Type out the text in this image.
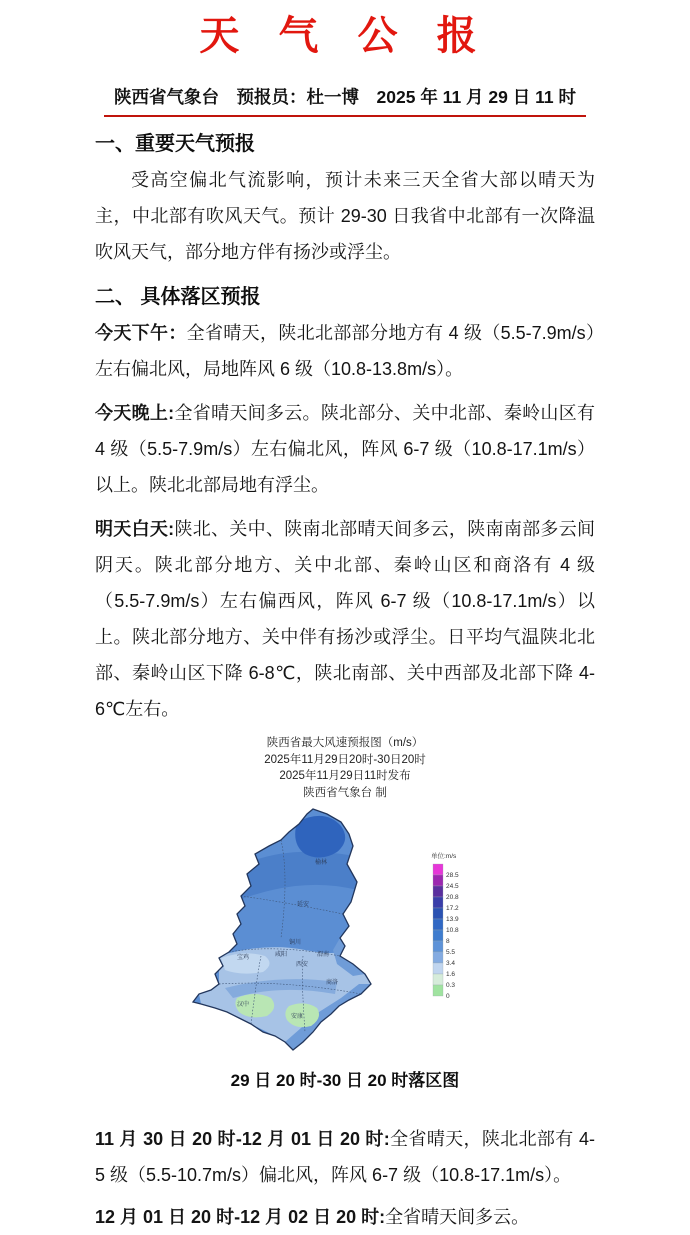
天 气 公 报
陕西省气象台　预报员：杜一博　2025 年 11 月 29 日 11 时
一、重要天气预报
受高空偏北气流影响，预计未来三天全省大部以晴天为主，中北部有吹风天气。预计 29-30 日我省中北部有一次降温吹风天气，部分地方伴有扬沙或浮尘。
二、 具体落区预报
今天下午：全省晴天，陕北北部部分地方有 4 级（5.5-7.9m/s）左右偏北风，局地阵风 6 级（10.8-13.8m/s）。
今天晚上:全省晴天间多云。陕北部分、关中北部、秦岭山区有 4 级（5.5-7.9m/s）左右偏北风，阵风 6-7 级（10.8-17.1m/s）以上。陕北北部局地有浮尘。
明天白天:陕北、关中、陕南北部晴天间多云，陕南南部多云间阴天。陕北部分地方、关中北部、秦岭山区和商洛有 4 级（5.5-7.9m/s）左右偏西风，阵风 6-7 级（10.8-17.1m/s）以上。陕北部分地方、关中伴有扬沙或浮尘。日平均气温陕北北部、秦岭山区下降 6-8℃，陕北南部、关中西部及北部下降 4-6℃左右。
陕西省最大风速预报图（m/s）
2025年11月29日20时-30日20时
2025年11月29日11时发布
陕西省气象台 制
榆林
延安
铜川
咸阳	渭南
西安
宝鸡
商洛
汉中
安康
单位:m/s
28.5
24.5
20.8
17.2
13.9
10.8
8
5.5
3.4
1.6
0.3
0
29 日 20 时-30 日 20 时落区图
11 月 30 日 20 时-12 月 01 日 20 时:全省晴天，陕北北部有 4-5 级（5.5-10.7m/s）偏北风，阵风 6-7 级（10.8-17.1m/s）。
12 月 01 日 20 时-12 月 02 日 20 时:全省晴天间多云。
